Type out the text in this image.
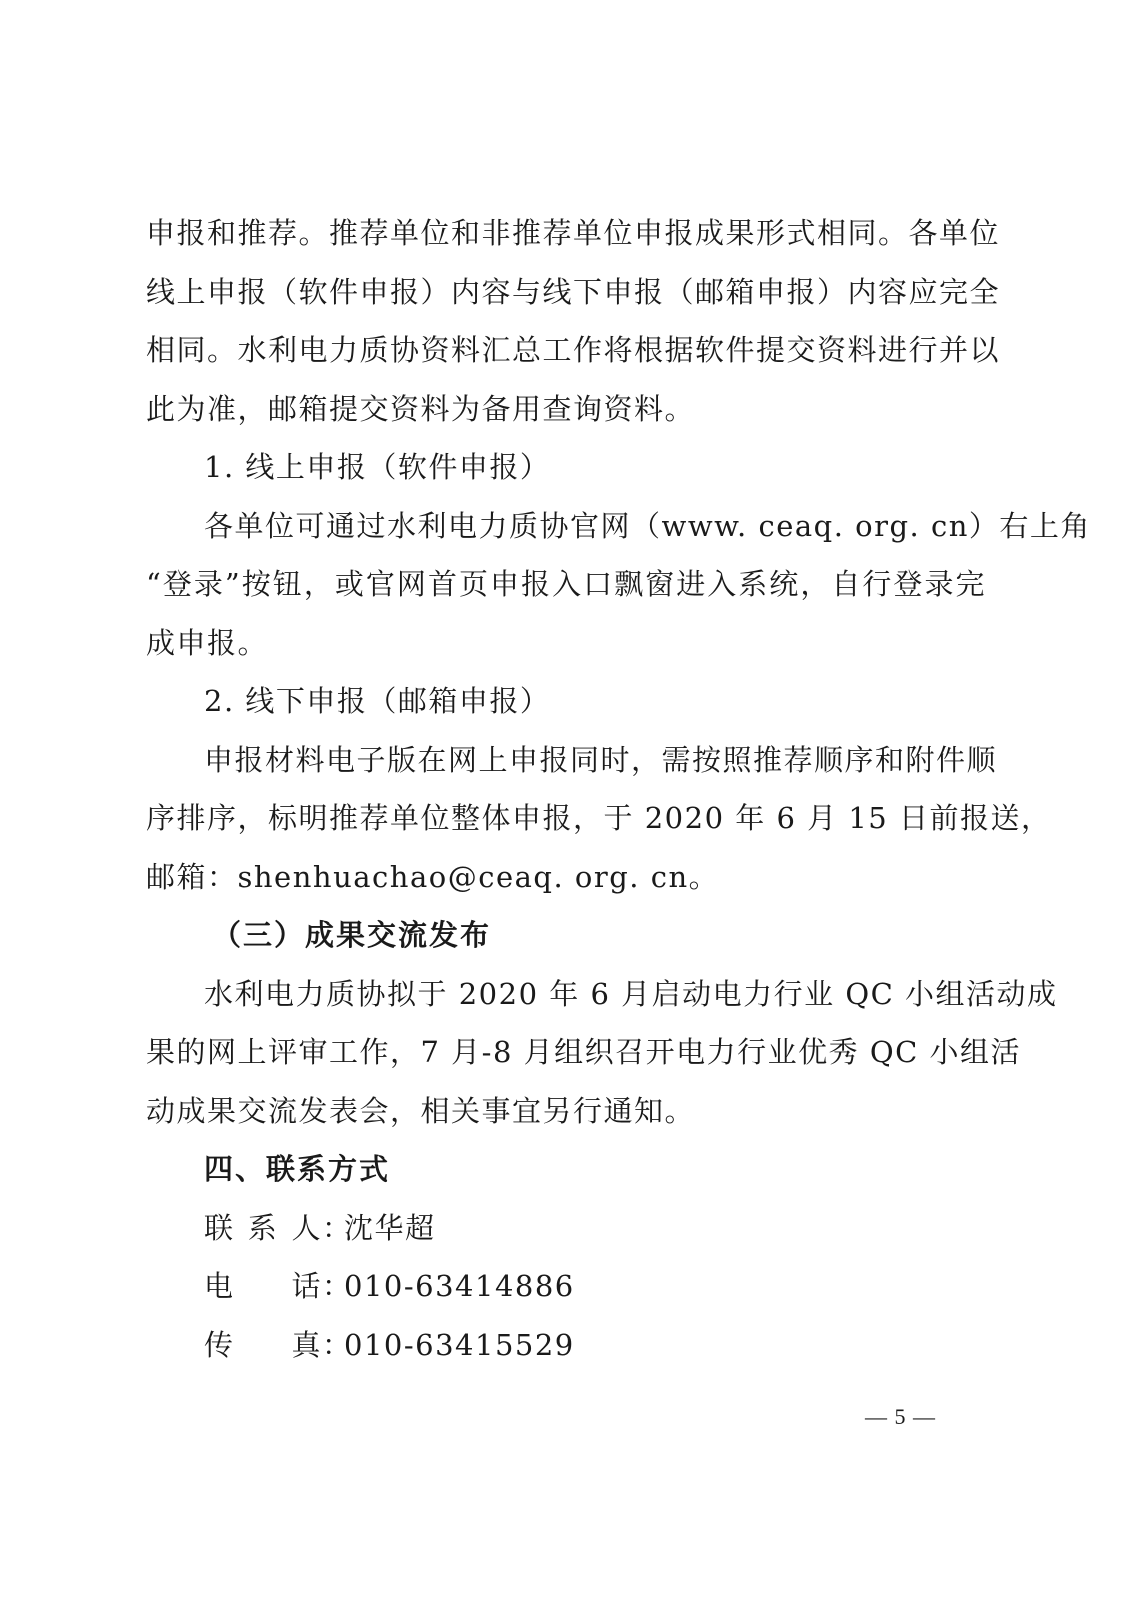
申报和推荐。推荐单位和非推荐单位申报成果形式相同。各单位
线上申报（软件申报）内容与线下申报（邮箱申报）内容应完全
相同。水利电力质协资料汇总工作将根据软件提交资料进行并以
此为准，邮箱提交资料为备用查询资料。
1. 线上申报（软件申报）
各单位可通过水利电力质协官网（www. ceaq. org. cn）右上角
“登录”按钮，或官网首页申报入口飘窗进入系统，自行登录完
成申报。
2. 线下申报（邮箱申报）
申报材料电子版在网上申报同时，需按照推荐顺序和附件顺
序排序，标明推荐单位整体申报，于 2020 年 6 月 15 日前报送，
邮箱：shenhuachao@ceaq. org. cn。
（三）成果交流发布
水利电力质协拟于 2020 年 6 月启动电力行业 QC 小组活动成
果的网上评审工作，7 月-8 月组织召开电力行业优秀 QC 小组活
动成果交流发表会，相关事宜另行通知。
四、联系方式
联 系 人 ：
沈华超
电 话 ：
010-63414886
传 真 ：
010-63415529
— 5 —
